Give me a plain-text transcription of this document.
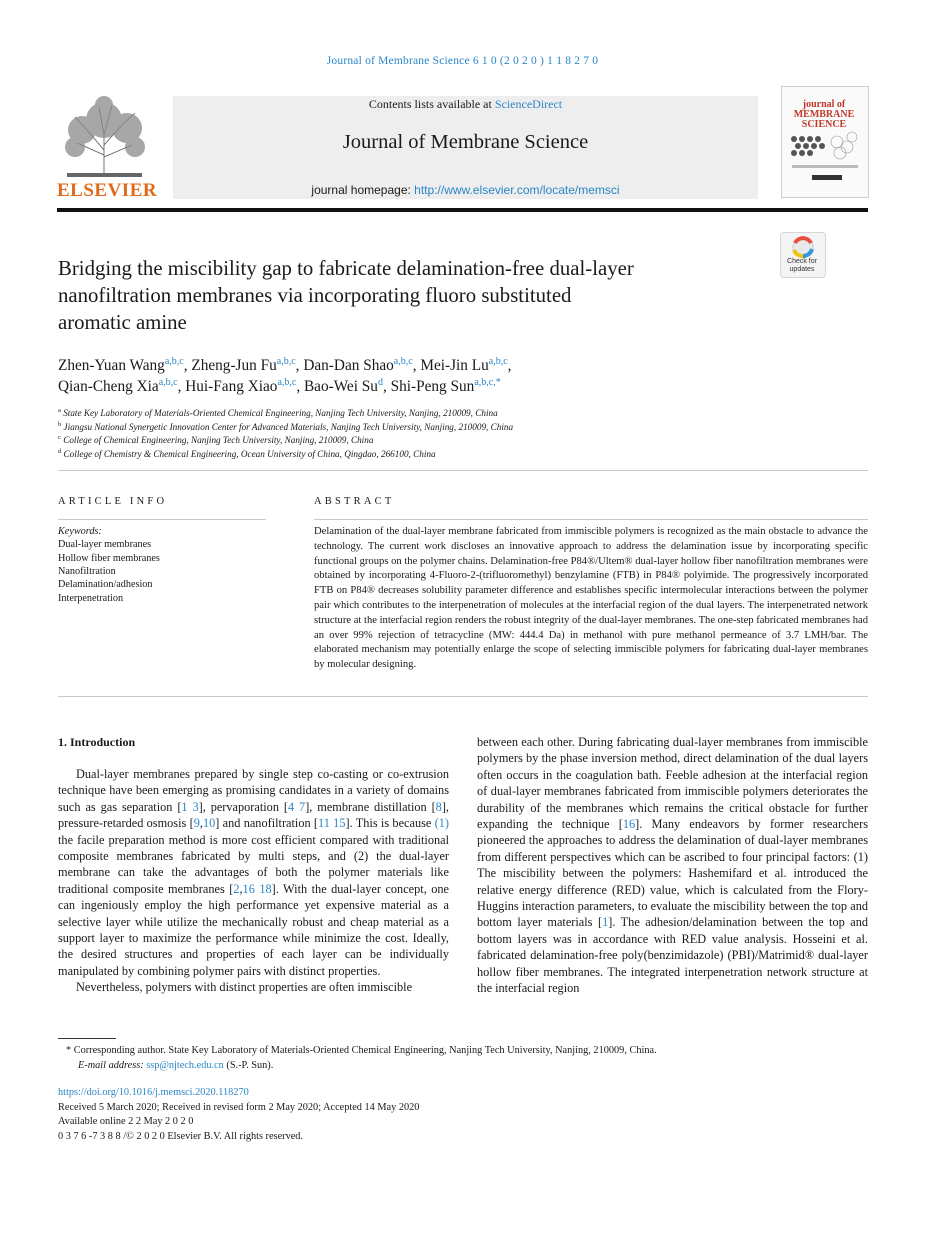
Journal of Membrane Science 6 1 0 (2 0 2 0 ) 1 1 8 2 7 0
ELSEVIER
Contents lists available at ScienceDirect
Journal of Membrane Science
journal homepage: http://www.elsevier.com/locate/memsci
journal of
MEMBRANE
SCIENCE
Check for updates
Bridging the miscibility gap to fabricate delamination-free dual-layer
nanofiltration membranes via incorporating fluoro substituted
aromatic amine
Zhen-Yuan Wang$^{a,b,c}$, Zheng-Jun Fu$^{a,b,c}$, Dan-Dan Shao$^{a,b,c}$, Mei-Jin Lu$^{a,b,c}$,
Qian-Cheng Xia$^{a,b,c}$, Hui-Fang Xiao$^{a,b,c}$, Bao-Wei Su$^d$, Shi-Peng Sun$^{a,b,c,*}$
$^a$ State Key Laboratory of Materials-Oriented Chemical Engineering, Nanjing Tech University, Nanjing, 210009, China
$^b$ Jiangsu National Synergetic Innovation Center for Advanced Materials, Nanjing Tech University, Nanjing, 210009, China
$^c$ College of Chemical Engineering, Nanjing Tech University, Nanjing, 210009, China
$^d$ College of Chemistry & Chemical Engineering, Ocean University of China, Qingdao, 266100, China
ARTICLE INFO
Keywords:
Dual-layer membranes
Hollow fiber membranes
Nanofiltration
Delamination/adhesion
Interpenetration
ABSTRACT
Delamination of the dual-layer membrane fabricated from immiscible polymers is recognized as the main obstacle to advance the technology. The current work discloses an innovative approach to address the delamination issue by incorporating specific functional groups on the polymer chains. Delamination-free P84®/Ultem® dual-layer hollow fiber nanofiltration membranes were obtained by incorporating 4-Fluoro-2-(trifluoromethyl) benzylamine (FTB) in P84® polyimide. The progressively incorporated FTB on P84® decreases solubility parameter difference and establishes specific intermolecular interactions between the polymer pair which contributes to the interpenetration of molecules at the interfacial region of the dual layers. The interpenetrated network structure at the interfacial region renders the robust integrity of the dual-layer membranes. The one-step fabricated membranes had an over 99% rejection of tetracycline (MW: 444.4 Da) in methanol with pure methanol permeance of 3.7 LMH/bar. The elaborated mechanism may potentially enlarge the scope of selecting immiscible polymers for fabricating dual-layer membranes by molecular designing.
1. Introduction

Dual-layer membranes prepared by single step co-casting or co-extrusion technique have been emerging as promising candidates in a variety of domains such as gas separation [1 3], pervaporation [4 7], membrane distillation [8], pressure-retarded osmosis [9,10] and nanofiltration [11 15]. This is because (1) the facile preparation method is more cost efficient compared with traditional composite membranes fabricated by multi steps, and (2) the dual-layer membrane can take the advantages of both the polymer materials like traditional composite membranes [2,16 18]. With the dual-layer concept, one can ingeniously employ the high performance yet expensive material as a selective layer while utilize the mechanically robust and cheap material as a support layer to maximize the performance while minimize the cost. Ideally, the desired structures and properties of each layer can be individually manipulated by combining polymer pairs with distinct properties.

Nevertheless, polymers with distinct properties are often immiscible

between each other. During fabricating dual-layer membranes from immiscible polymers by the phase inversion method, direct delamination of the dual layers often occurs in the coagulation bath. Feeble adhesion at the interfacial region of dual-layer membranes fabricated from immiscible polymers deteriorates the durability of the membranes which remains the critical obstacle for further expanding the technique [16]. Many endeavors by former researchers pioneered the approaches to address the delamination of dual-layer membranes from different perspectives which can be ascribed to four principal factors: (1) The miscibility between the polymers: Hashemifard et al. introduced the relative energy difference (RED) value, which is calculated from the Flory-Huggins interaction parameters, to evaluate the miscibility between the top and bottom layer materials [1]. The adhesion/delamination between the top and bottom layers was in accordance with RED value analysis. Hosseini et al. fabricated delamination-free poly(benzimidazole) (PBI)/Matrimid® dual-layer hollow fiber membranes. The integrated interpenetration network structure at the interfacial region

* Corresponding author. State Key Laboratory of Materials-Oriented Chemical Engineering, Nanjing Tech University, Nanjing, 210009, China.
E-mail address: ssp@njtech.edu.cn (S.-P. Sun).
https://doi.org/10.1016/j.memsci.2020.118270
Received 5 March 2020; Received in revised form 2 May 2020; Accepted 14 May 2020
Available online 2 2 May 2 0 2 0
0 3 7 6 -7 3 8 8 /© 2 0 2 0 Elsevier B.V. All rights reserved.
